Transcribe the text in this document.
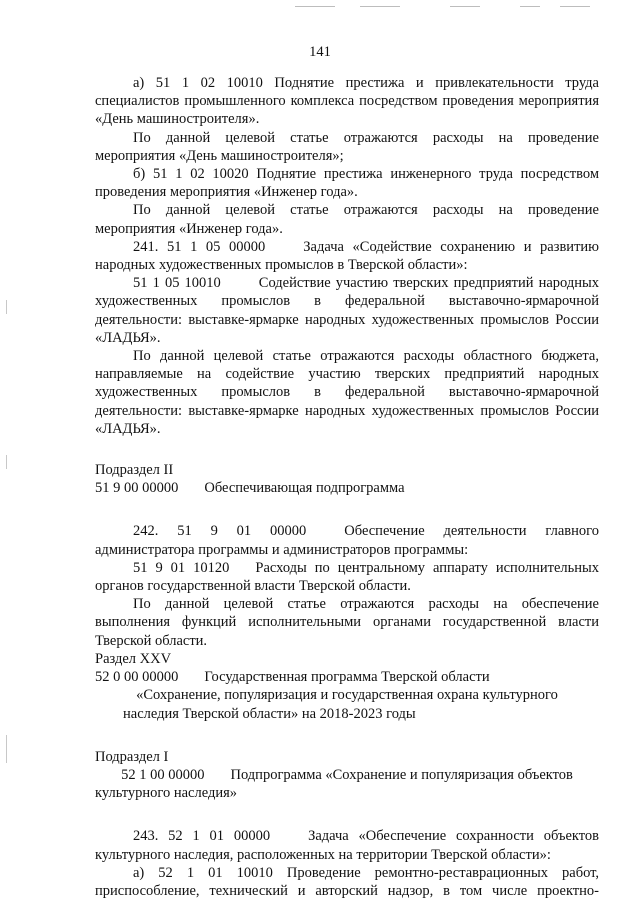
141

а) 51 1 02 10010 Поднятие престижа и привлекательности труда специалистов промышленного комплекса посредством проведения мероприятия «День машиностроителя».

По данной целевой статье отражаются расходы на проведение мероприятия «День машиностроителя»;

б) 51 1 02 10020 Поднятие престижа инженерного труда посредством проведения мероприятия «Инженер года».

По данной целевой статье отражаются расходы на проведение мероприятия «Инженер года».

241. 51 1 05 00000	Задача «Содействие сохранению и развитию народных художественных промыслов в Тверской области»:

51 1 05 10010	Содействие участию тверских предприятий народных художественных промыслов в федеральной выставочно-ярмарочной деятельности: выставке-ярмарке народных художественных промыслов России «ЛАДЬЯ».

По данной целевой статье отражаются расходы областного бюджета, направляемые на содействие участию тверских предприятий народных художественных промыслов в федеральной выставочно-ярмарочной деятельности: выставке-ярмарке народных художественных промыслов России «ЛАДЬЯ».

Подраздел II

51 9 00 00000 Обеспечивающая подпрограмма

242. 51 9 01 00000	Обеспечение деятельности главного администратора программы и администраторов программы:

51 9 01 10120 Расходы по центральному аппарату исполнительных органов государственной власти Тверской области.

По данной целевой статье отражаются расходы на обеспечение выполнения функций исполнительными органами государственной власти Тверской области.

Раздел XXV

52 0 00 00000 Государственная программа Тверской области

«Сохранение, популяризация и государственная охрана культурного наследия Тверской области» на 2018-2023 годы

Подраздел I

52 1 00 00000 Подпрограмма «Сохранение и популяризация объектов культурного наследия»

243. 52 1 01 00000	Задача «Обеспечение сохранности объектов культурного наследия, расположенных на территории Тверской области»:

а) 52 1 01 10010 Проведение ремонтно-реставрационных работ, приспособление, технический и авторский надзор, в том числе проектно-
